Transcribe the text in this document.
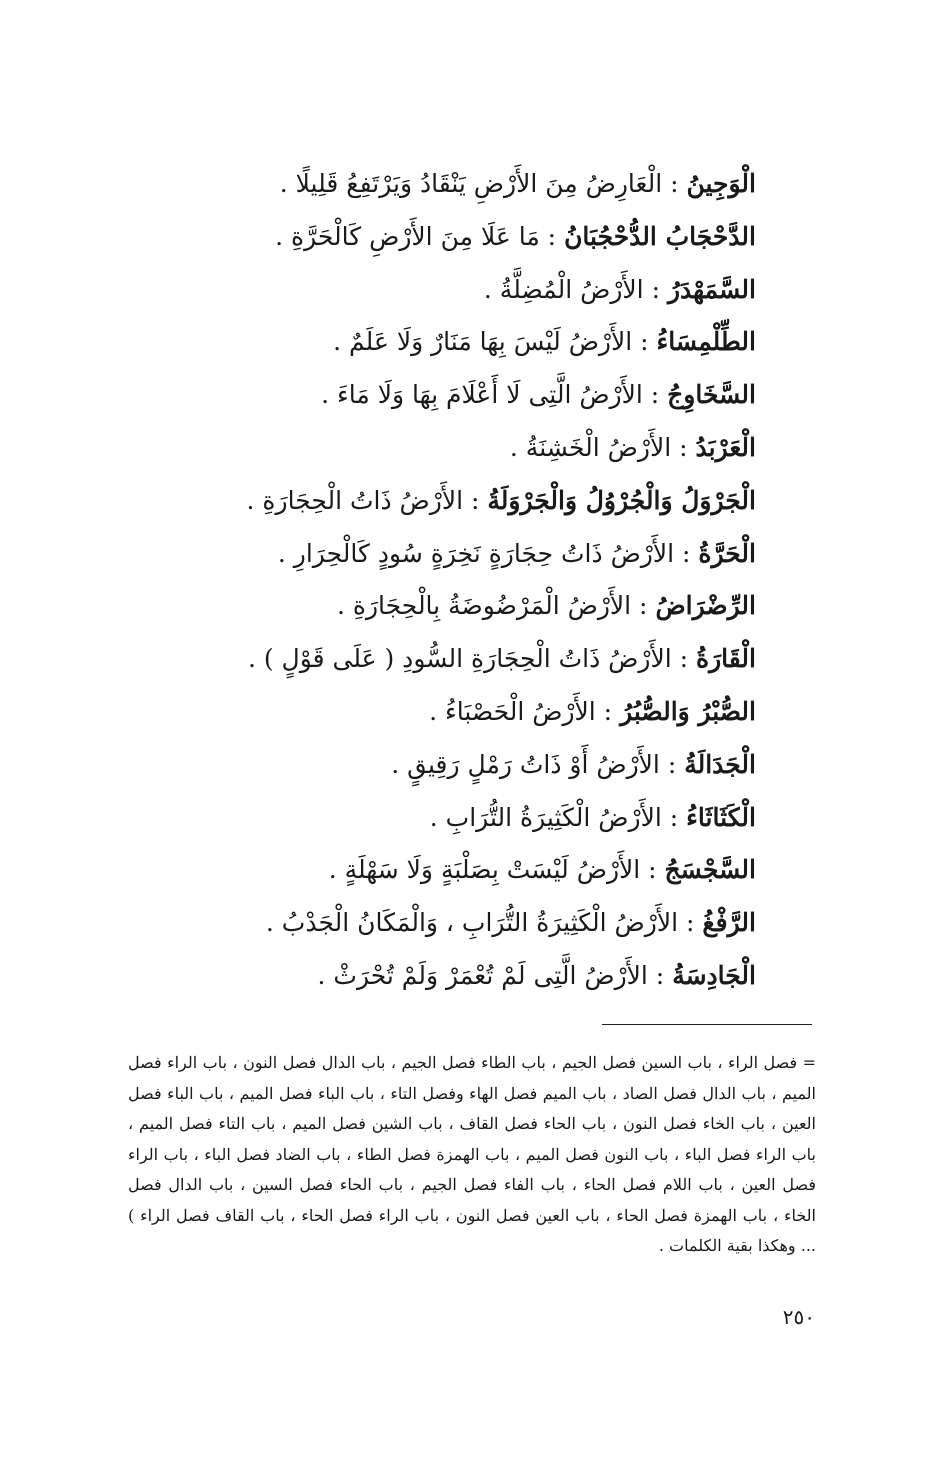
الْوَجِينُ : الْعَارِضُ مِنَ الأَرْضِ يَنْقَادُ وَيَرْتَفِعُ قَلِيلًا .
الدَّحْجَابُ الدُّحْجُبَانُ : مَا عَلَا مِنَ الأَرْضِ كَالْحَرَّةِ .
السَّمَهْدَرُ : الأَرْضُ الْمُضِلَّةُ .
الطِّلْمِسَاءُ : الأَرْضُ لَيْسَ بِهَا مَنَارٌ وَلَا عَلَمٌ .
السَّخَاوِجُ : الأَرْضُ الَّتِى لَا أَعْلَامَ بِهَا وَلَا مَاءَ .
الْعَرْبَدُ : الأَرْضُ الْخَشِنَةُ .
الْجَرْوَلُ وَالْجُرْوُلُ وَالْجَرْوَلَةُ : الأَرْضُ ذَاتُ الْحِجَارَةِ .
الْحَرَّةُ : الأَرْضُ ذَاتُ حِجَارَةٍ نَخِرَةٍ سُودٍ كَالْحِرَارِ .
الرِّضْرَاضُ : الأَرْضُ الْمَرْضُوضَةُ بِالْحِجَارَةِ .
الْقَارَةُ : الأَرْضُ ذَاتُ الْحِجَارَةِ السُّودِ ( عَلَى قَوْلٍ ) .
الصُّبْرُ وَالصُّبُرُ : الأَرْضُ الْحَصْبَاءُ .
الْجَدَالَةُ : الأَرْضُ أَوْ ذَاتُ رَمْلٍ رَقِيقٍ .
الْكَثَاثَاءُ : الأَرْضُ الْكَثِيرَةُ التُّرَابِ .
السَّجْسَجُ : الأَرْضُ لَيْسَتْ بِصَلْبَةٍ وَلَا سَهْلَةٍ .
الرَّفْغُ : الأَرْضُ الْكَثِيرَةُ التُّرَابِ ، وَالْمَكَانُ الْجَدْبُ .
الْجَادِسَةُ : الأَرْضُ الَّتِى لَمْ تُعْمَرْ وَلَمْ تُحْرَثْ .
= فصل الراء ، باب السين فصل الجيم ، باب الطاء فصل الجيم ، باب الدال فصل النون ، باب الراء فصل الميم ، باب الدال فصل الصاد ، باب الميم فصل الهاء وفصل التاء ، باب الباء فصل الميم ، باب الباء فصل العين ، باب الخاء فصل النون ، باب الحاء فصل القاف ، باب الشين فصل الميم ، باب التاء فصل الميم ، باب الراء فصل الباء ، باب النون فصل الميم ، باب الهمزة فصل الطاء ، باب الضاد فصل الباء ، باب الراء فصل العين ، باب اللام فصل الحاء ، باب الفاء فصل الجيم ، باب الحاء فصل السين ، باب الدال فصل الخاء ، باب الهمزة فصل الحاء ، باب العين فصل النون ، باب الراء فصل الحاء ، باب القاف فصل الراء ) ... وهكذا بقية الكلمات .
٢٥٠
